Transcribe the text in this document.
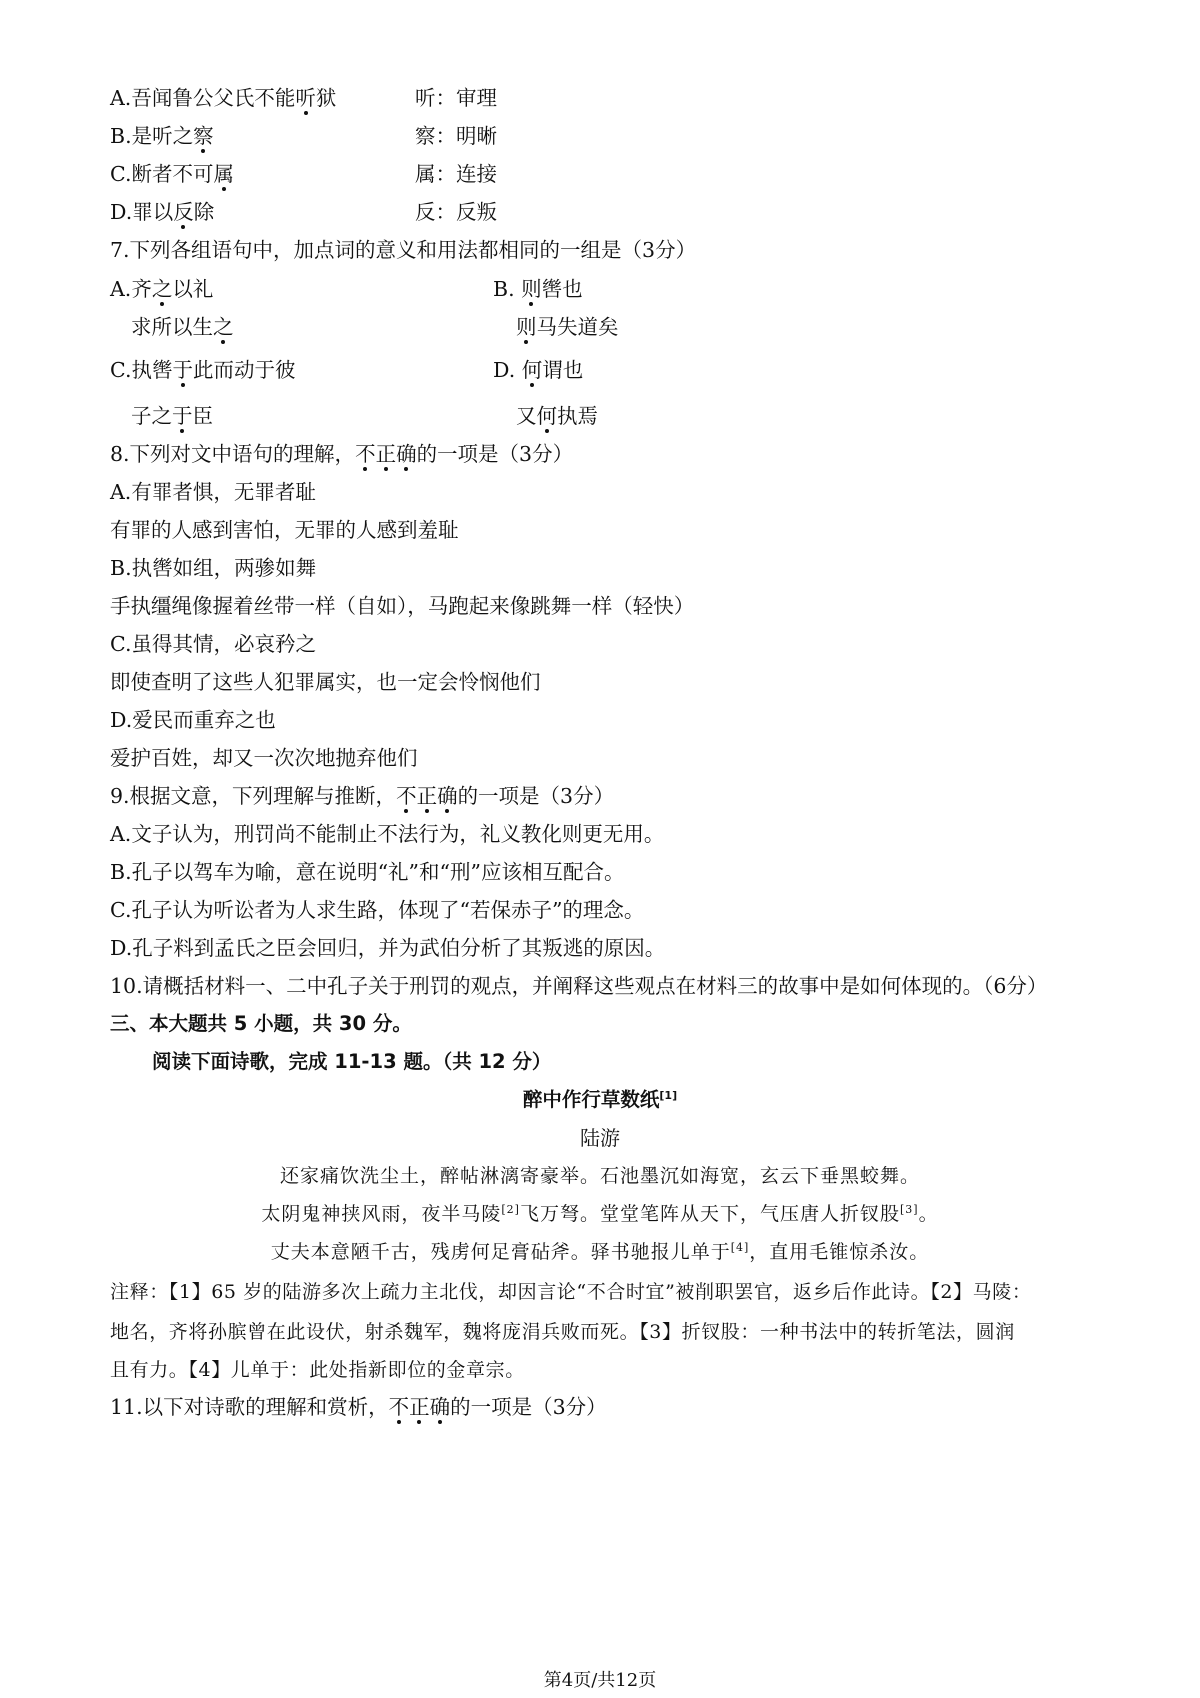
A.吾闻鲁公父氏不能听狱	听：审理
B.是听之察	察：明晰
C.断者不可属	属：连接
D.罪以反除	反：反叛
7.下列各组语句中，加点词的意义和用法都相同的一组是（3分）
A.齐之以礼	B. 则辔也
求所以生之	则马失道矣
C.执辔于此而动于彼	D. 何谓也
子之于臣	又何执焉
8.下列对文中语句的理解，不正确的一项是（3分）
A.有罪者惧，无罪者耻
有罪的人感到害怕，无罪的人感到羞耻
B.执辔如组，两骖如舞
手执缰绳像握着丝带一样（自如），马跑起来像跳舞一样（轻快）
C.虽得其情，必哀矜之
即使查明了这些人犯罪属实，也一定会怜悯他们
D.爱民而重弃之也
爱护百姓，却又一次次地抛弃他们
9.根据文意，下列理解与推断，不正确的一项是（3分）
A.文子认为，刑罚尚不能制止不法行为，礼义教化则更无用。
B.孔子以驾车为喻，意在说明“礼”和“刑”应该相互配合。
C.孔子认为听讼者为人求生路，体现了“若保赤子”的理念。
D.孔子料到孟氏之臣会回归，并为武伯分析了其叛逃的原因。
10.请概括材料一、二中孔子关于刑罚的观点，并阐释这些观点在材料三的故事中是如何体现的。（6分）
三、本大题共 5 小题，共 30 分。
阅读下面诗歌，完成 11-13 题。（共 12 分）
醉中作行草数纸[1]
陆游
还家痛饮洗尘土，醉帖淋漓寄豪举。石池墨沉如海宽，玄云下垂黑蛟舞。
太阴鬼神挟风雨，夜半马陵[2]飞万弩。堂堂笔阵从天下，气压唐人折钗股[3]。
丈夫本意陋千古，残虏何足膏砧斧。驿书驰报儿单于[4]，直用毛锥惊杀汝。
注释：【1】65 岁的陆游多次上疏力主北伐，却因言论“不合时宜”被削职罢官，返乡后作此诗。【2】马陵：
地名，齐将孙膑曾在此设伏，射杀魏军，魏将庞涓兵败而死。【3】折钗股：一种书法中的转折笔法，圆润
且有力。【4】儿单于：此处指新即位的金章宗。
11.以下对诗歌的理解和赏析，不正确的一项是（3分）
第4页/共12页
